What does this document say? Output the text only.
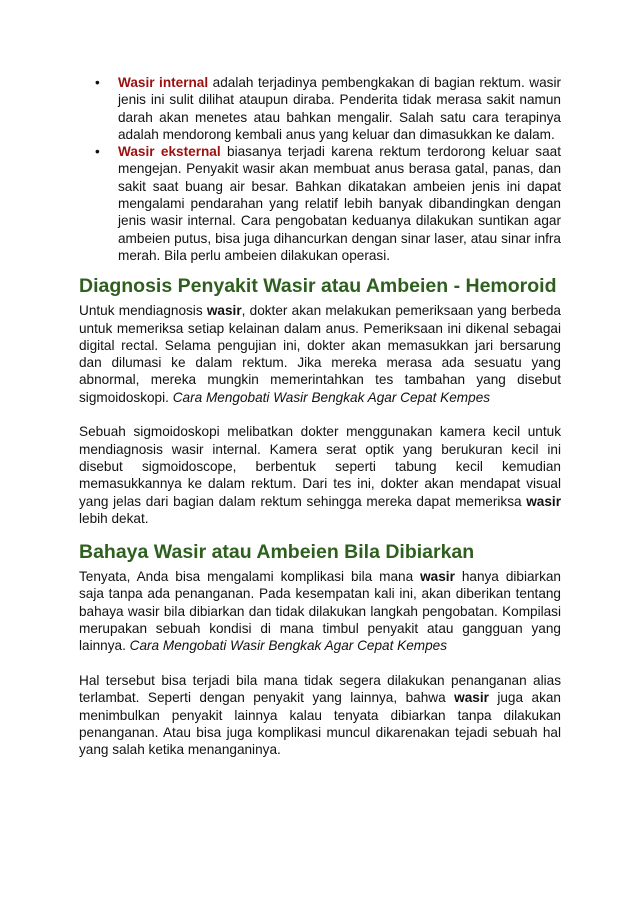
• Wasir internal adalah terjadinya pembengkakan di bagian rektum. wasir jenis ini sulit dilihat ataupun diraba. Penderita tidak merasa sakit namun darah akan menetes atau bahkan mengalir. Salah satu cara terapinya adalah mendorong kembali anus yang keluar dan dimasukkan ke dalam.
• Wasir eksternal biasanya terjadi karena rektum terdorong keluar saat mengejan. Penyakit wasir akan membuat anus berasa gatal, panas, dan sakit saat buang air besar. Bahkan dikatakan ambeien jenis ini dapat mengalami pendarahan yang relatif lebih banyak dibandingkan dengan jenis wasir internal. Cara pengobatan keduanya dilakukan suntikan agar ambeien putus, bisa juga dihancurkan dengan sinar laser, atau sinar infra merah. Bila perlu ambeien dilakukan operasi.
Diagnosis Penyakit Wasir atau Ambeien - Hemoroid

Untuk mendiagnosis wasir, dokter akan melakukan pemeriksaan yang berbeda untuk memeriksa setiap kelainan dalam anus. Pemeriksaan ini dikenal sebagai digital rectal. Selama pengujian ini, dokter akan memasukkan jari bersarung dan dilumasi ke dalam rektum. Jika mereka merasa ada sesuatu yang abnormal, mereka mungkin memerintahkan tes tambahan yang disebut sigmoidoskopi. Cara Mengobati Wasir Bengkak Agar Cepat Kempes

Sebuah sigmoidoskopi melibatkan dokter menggunakan kamera kecil untuk mendiagnosis wasir internal. Kamera serat optik yang berukuran kecil ini disebut sigmoidoscope, berbentuk seperti tabung kecil kemudian memasukkannya ke dalam rektum. Dari tes ini, dokter akan mendapat visual yang jelas dari bagian dalam rektum sehingga mereka dapat memeriksa wasir lebih dekat.

Bahaya Wasir atau Ambeien Bila Dibiarkan

Tenyata, Anda bisa mengalami komplikasi bila mana wasir hanya dibiarkan saja tanpa ada penanganan. Pada kesempatan kali ini, akan diberikan tentang bahaya wasir bila dibiarkan dan tidak dilakukan langkah pengobatan. Kompilasi merupakan sebuah kondisi di mana timbul penyakit atau gangguan yang lainnya. Cara Mengobati Wasir Bengkak Agar Cepat Kempes

Hal tersebut bisa terjadi bila mana tidak segera dilakukan penanganan alias terlambat. Seperti dengan penyakit yang lainnya, bahwa wasir juga akan menimbulkan penyakit lainnya kalau tenyata dibiarkan tanpa dilakukan penanganan. Atau bisa juga komplikasi muncul dikarenakan tejadi sebuah hal yang salah ketika menanganinya.
